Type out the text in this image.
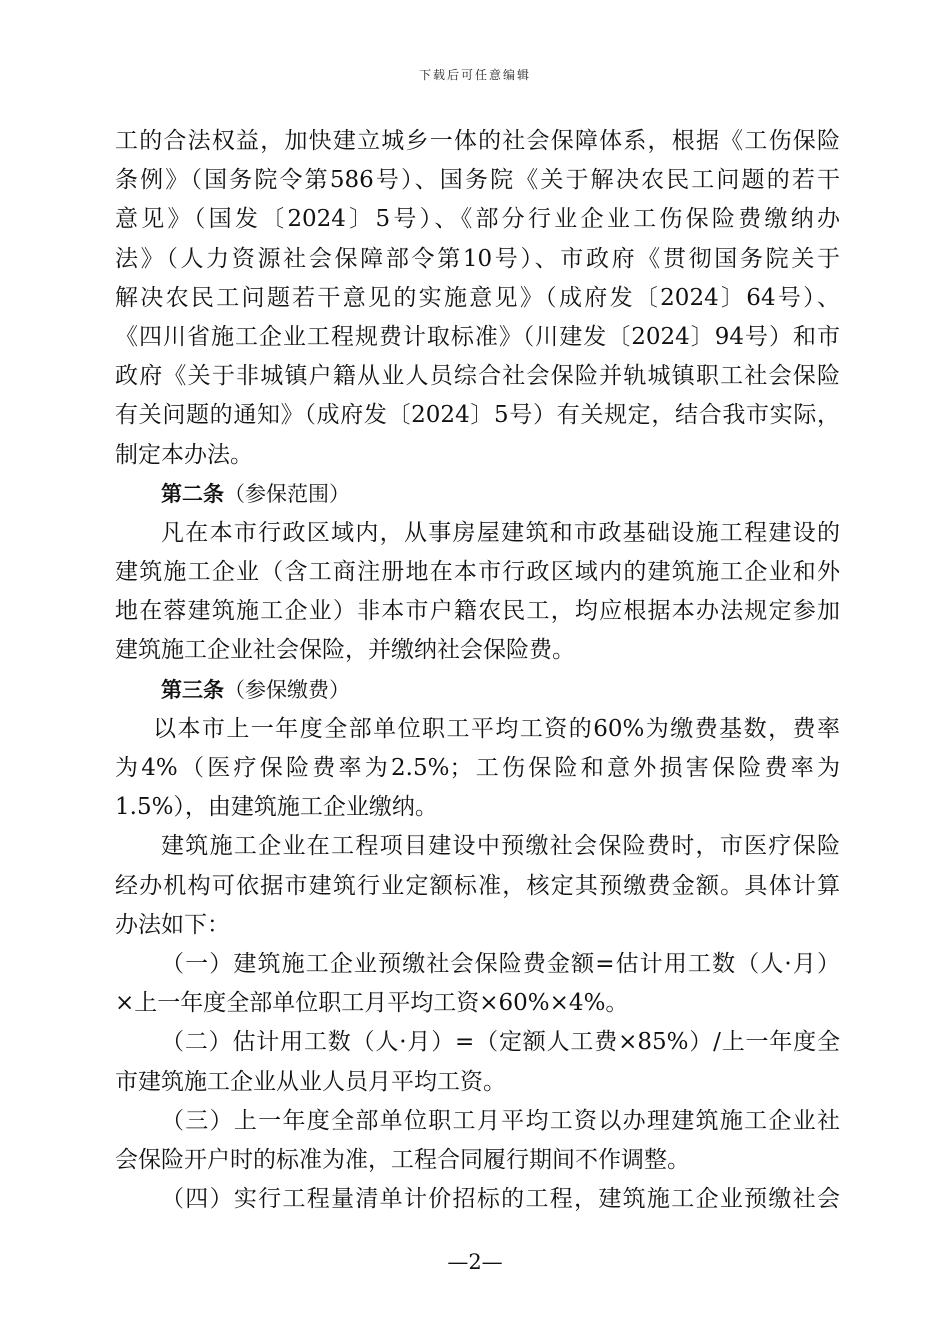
下载后可任意编辑
工的合法权益，加快建立城乡一体的社会保障体系，根据《工伤保险
条例》（国务院令第586号）、国务院《关于解决农民工问题的若干
意见》（国发〔2024〕5号）、《部分行业企业工伤保险费缴纳办
法》（人力资源社会保障部令第10号）、市政府《贯彻国务院关于
解决农民工问题若干意见的实施意见》（成府发〔2024〕64号）、
《四川省施工企业工程规费计取标准》（川建发〔2024〕94号）和市
政府《关于非城镇户籍从业人员综合社会保险并轨城镇职工社会保险
有关问题的通知》（成府发〔2024〕5号）有关规定，结合我市实际，
制定本办法。
第二条（参保范围）
凡在本市行政区域内，从事房屋建筑和市政基础设施工程建设的
建筑施工企业（含工商注册地在本市行政区域内的建筑施工企业和外
地在蓉建筑施工企业）非本市户籍农民工，均应根据本办法规定参加
建筑施工企业社会保险，并缴纳社会保险费。
第三条（参保缴费）
以本市上一年度全部单位职工平均工资的60%为缴费基数，费率
为4%（医疗保险费率为2.5%；工伤保险和意外损害保险费率为
1.5%），由建筑施工企业缴纳。
建筑施工企业在工程项目建设中预缴社会保险费时，市医疗保险
经办机构可依据市建筑行业定额标准，核定其预缴费金额。具体计算
办法如下：
（一）建筑施工企业预缴社会保险费金额=估计用工数（人·月）
×上一年度全部单位职工月平均工资×60%×4%。
（二）估计用工数（人·月）=（定额人工费×85%）/上一年度全
市建筑施工企业从业人员月平均工资。
（三）上一年度全部单位职工月平均工资以办理建筑施工企业社
会保险开户时的标准为准，工程合同履行期间不作调整。
（四）实行工程量清单计价招标的工程，建筑施工企业预缴社会
—2—
